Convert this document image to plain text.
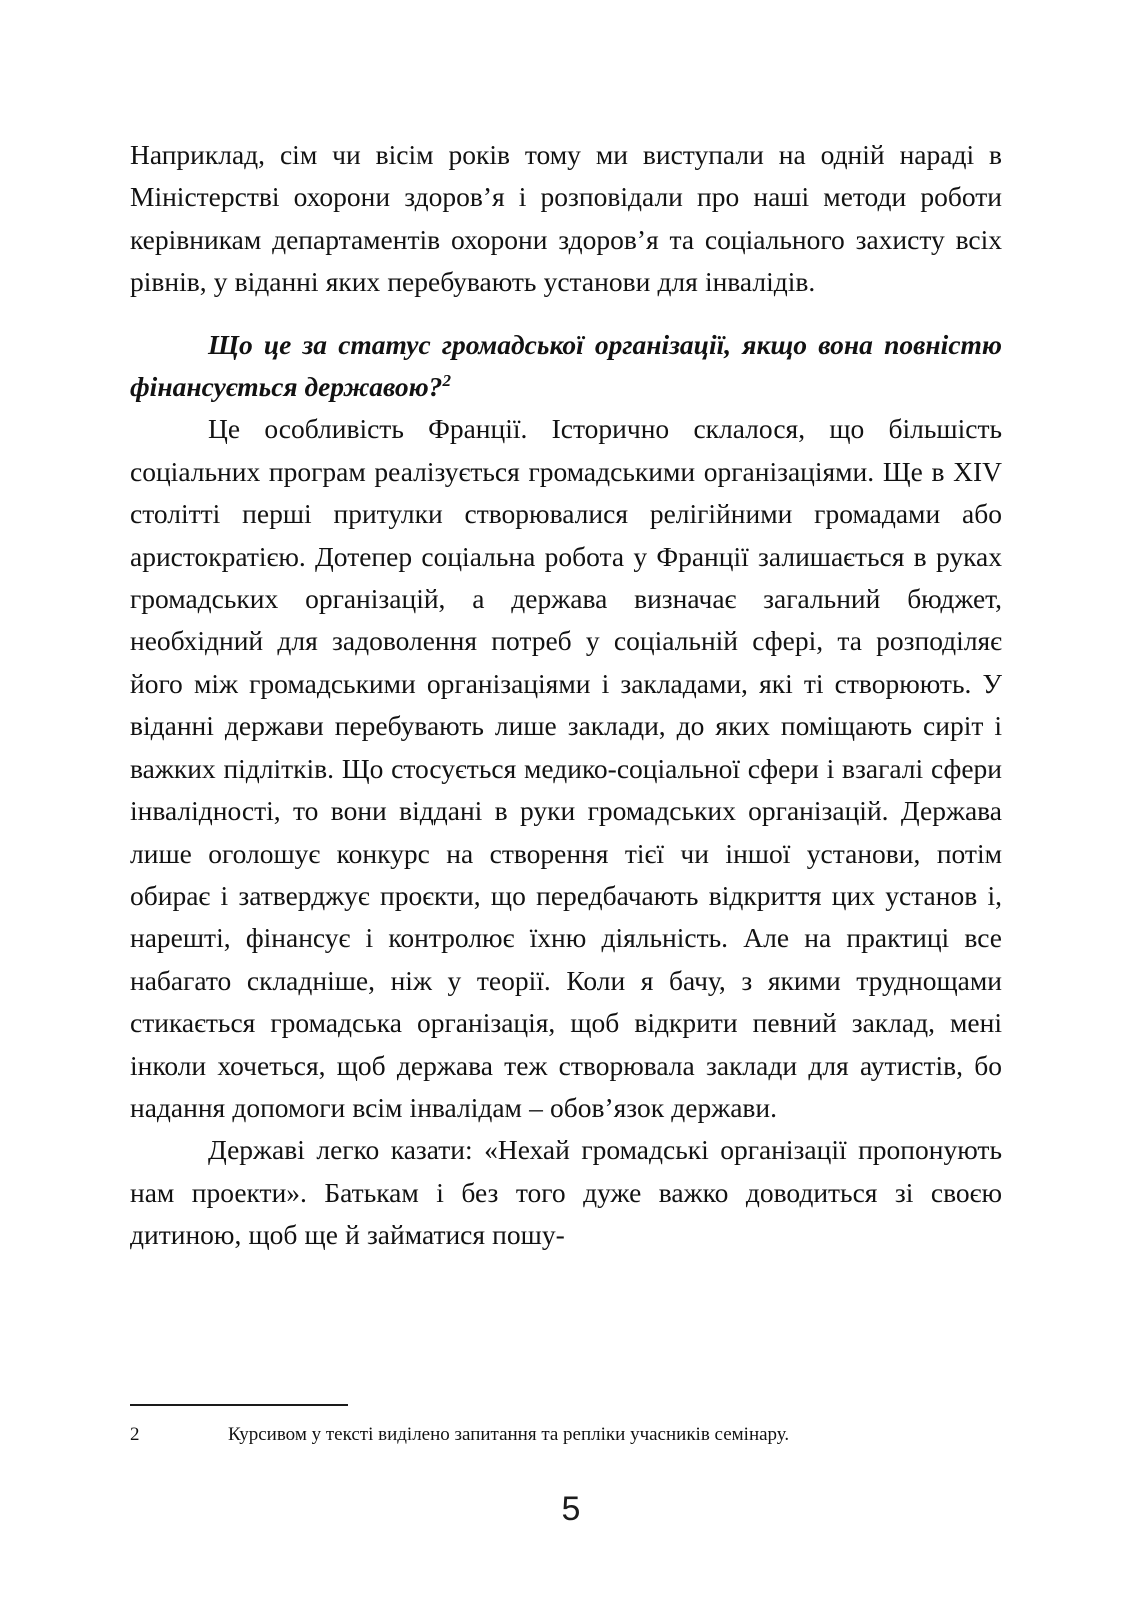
Наприклад, сім чи вісім років тому ми виступали на одній нараді в Міністерстві охорони здоров’я і розповідали про наші методи роботи керівникам департаментів охорони здоров’я та соціального захисту всіх рівнів, у віданні яких перебувають установи для інвалідів.

Що це за статус громадської організації, якщо вона повністю фінансується державою?$^2$

Це особливість Франції. Історично склалося, що більшість соціальних програм реалізується громадськими організаціями. Ще в XIV столітті перші притулки створювалися релігійними громадами або аристократією. Дотепер соціальна робота у Франції залишається в руках громадських організацій, а держава визначає загальний бюджет, необхідний для задоволення потреб у соціальній сфері, та розподіляє його між громадськими організаціями і закладами, які ті створюють. У віданні держави перебувають лише заклади, до яких поміщають сиріт і важких підлітків. Що стосується медико-соціальної сфери і взагалі сфери інвалідності, то вони віддані в руки громадських організацій. Держава лише оголошує конкурс на створення тієї чи іншої установи, потім обирає і затверджує проєкти, що передбачають відкриття цих установ і, нарешті, фінансує і контролює їхню діяльність. Але на практиці все набагато складніше, ніж у теорії. Коли я бачу, з якими труднощами стикається громадська організація, щоб відкрити певний заклад, мені інколи хочеться, щоб держава теж створювала заклади для аутистів, бо надання допомоги всім інвалідам – обов’язок держави.

Державі легко казати: «Нехай громадські організації пропонують нам проекти». Батькам і без того дуже важко доводиться зі своєю дитиною, щоб ще й займатися пошу-

2	Курсивом у тексті виділено запитання та репліки учасників семінару.
5
